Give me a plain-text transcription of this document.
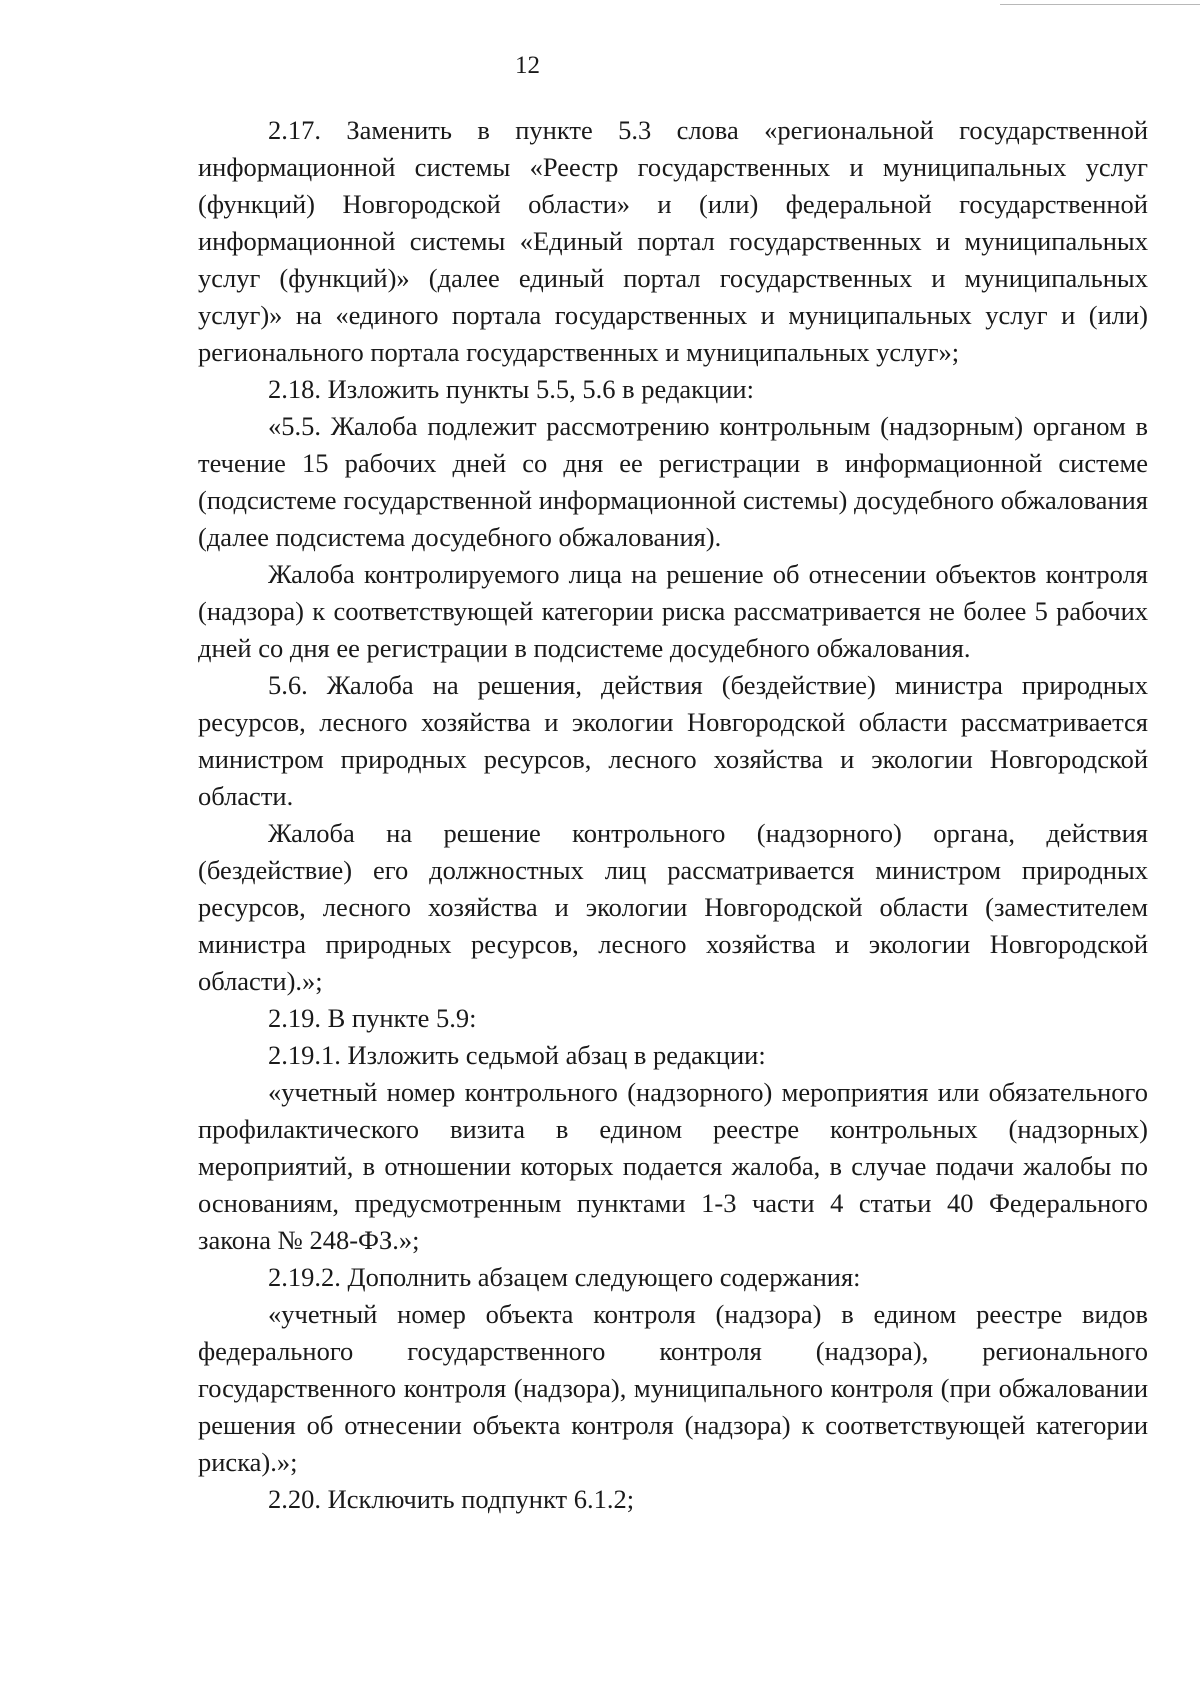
12

2.17. Заменить в пункте 5.3 слова «региональной государственной информационной системы «Реестр государственных и муниципальных услуг (функций) Новгородской области» и (или) федеральной государственной информационной системы «Единый портал государственных и муниципальных услуг (функций)» (далее единый портал государственных и муниципальных услуг)» на «единого портала государственных и муниципальных услуг и (или) регионального портала государственных и муниципальных услуг»;

2.18. Изложить пункты 5.5, 5.6 в редакции:

«5.5. Жалоба подлежит рассмотрению контрольным (надзорным) органом в течение 15 рабочих дней со дня ее регистрации в информационной системе (подсистеме государственной информационной системы) досудебного обжалования (далее подсистема досудебного обжалования).

Жалоба контролируемого лица на решение об отнесении объектов контроля (надзора) к соответствующей категории риска рассматривается не более 5 рабочих дней со дня ее регистрации в подсистеме досудебного обжалования.

5.6. Жалоба на решения, действия (бездействие) министра природных ресурсов, лесного хозяйства и экологии Новгородской области рассматривается министром природных ресурсов, лесного хозяйства и экологии Новгородской области.

Жалоба на решение контрольного (надзорного) органа, действия (бездействие) его должностных лиц рассматривается министром природных ресурсов, лесного хозяйства и экологии Новгородской области (заместителем министра природных ресурсов, лесного хозяйства и экологии Новгородской области).»;

2.19. В пункте 5.9:

2.19.1. Изложить седьмой абзац в редакции:

«учетный номер контрольного (надзорного) мероприятия или обязательного профилактического визита в едином реестре контрольных (надзорных) мероприятий, в отношении которых подается жалоба, в случае подачи жалобы по основаниям, предусмотренным пунктами 1-3 части 4 статьи 40 Федерального закона № 248-ФЗ.»;

2.19.2. Дополнить абзацем следующего содержания:

«учетный номер объекта контроля (надзора) в едином реестре видов федерального государственного контроля (надзора), регионального государственного контроля (надзора), муниципального контроля (при обжаловании решения об отнесении объекта контроля (надзора) к соответствующей категории риска).»;

2.20. Исключить подпункт 6.1.2;
